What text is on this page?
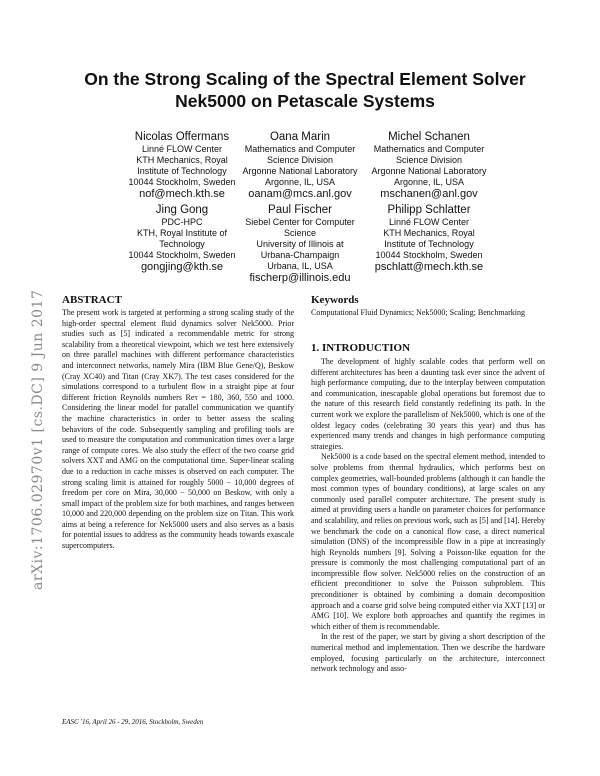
On the Strong Scaling of the Spectral Element Solver
Nek5000 on Petascale Systems
Nicolas Offermans
Linné FLOW Center
KTH Mechanics, Royal
Institute of Technology
10044 Stockholm, Sweden
nof@mech.kth.se
Oana Marin
Mathematics and Computer
Science Division
Argonne National Laboratory
Argonne, IL, USA
oanam@mcs.anl.gov
Michel Schanen
Mathematics and Computer
Science Division
Argonne National Laboratory
Argonne, IL, USA
mschanen@anl.gov
Jing Gong
PDC-HPC
KTH, Royal Institute of
Technology
10044 Stockholm, Sweden
gongjing@kth.se
Paul Fischer
Siebel Center for Computer
Science
University of Illinois at
Urbana-Champaign
Urbana, IL, USA
fischerp@illinois.edu
Philipp Schlatter
Linné FLOW Center
KTH Mechanics, Royal
Institute of Technology
10044 Stockholm, Sweden
pschlatt@mech.kth.se
arXiv:1706.02970v1 [cs.DC] 9 Jun 2017 ABSTRACT

The present work is targeted at performing a strong scaling study of the high-order spectral element fluid dynamics solver Nek5000. Prior studies such as [5] indicated a recommendable metric for strong scalability from a theoretical viewpoint, which we test here extensively on three parallel machines with different performance characteristics and interconnect networks, namely Mira (IBM Blue Gene/Q), Beskow (Cray XC40) and Titan (Cray XK7). The test cases considered for the simulations correspond to a turbulent flow in a straight pipe at four different friction Reynolds numbers Reτ = 180, 360, 550 and 1000. Considering the linear model for parallel communication we quantify the machine characteristics in order to better assess the scaling behaviors of the code. Subsequently sampling and profiling tools are used to measure the computation and communication times over a large range of compute cores. We also study the effect of the two coarse grid solvers XXT and AMG on the computational time. Super-linear scaling due to a reduction in cache misses is observed on each computer. The strong scaling limit is attained for roughly 5000 − 10,000 degrees of freedom per core on Mira, 30,000 − 50,000 on Beskow, with only a small impact of the problem size for both machines, and ranges between 10,000 and 220,000 depending on the problem size on Titan. This work aims at being a reference for Nek5000 users and also serves as a basis for potential issues to address as the community heads towards exascale supercomputers.

Keywords

Computational Fluid Dynamics; Nek5000; Scaling; Benchmarking

1. INTRODUCTION

The development of highly scalable codes that perform well on different architectures has been a daunting task ever since the advent of high performance computing, due to the interplay between computation and communication, inescapable global operations but foremost due to the nature of this research field constantly redefining its path. In the current work we explore the parallelism of Nek5000, which is one of the oldest legacy codes (celebrating 30 years this year) and thus has experienced many trends and changes in high performance computing strategies.

Nek5000 is a code based on the spectral element method, intended to solve problems from thermal hydraulics, which performs best on complex geometries, wall-bounded problems (although it can handle the most common types of boundary conditions), at large scales on any commonly used parallel computer architecture. The present study is aimed at providing users a handle on parameter choices for performance and scalability, and relies on previous work, such as [5] and [14]. Hereby we benchmark the code on a canonical flow case, a direct numerical simulation (DNS) of the incompressible flow in a pipe at increasingly high Reynolds numbers [9]. Solving a Poisson-like equation for the pressure is commonly the most challenging computational part of an incompressible flow solver. Nek5000 relies on the construction of an efficient preconditioner to solve the Poisson subproblem. This preconditioner is obtained by combining a domain decomposition approach and a coarse grid solve being computed either via XXT [13] or AMG [10]. We explore both approaches and quantify the regimes in which either of them is recommendable.

In the rest of the paper, we start by giving a short description of the numerical method and implementation. Then we describe the hardware employed, focusing particularly on the architecture, interconnect network technology and asso-

EASC '16, April 26 - 29, 2016, Stockholm, Sweden
